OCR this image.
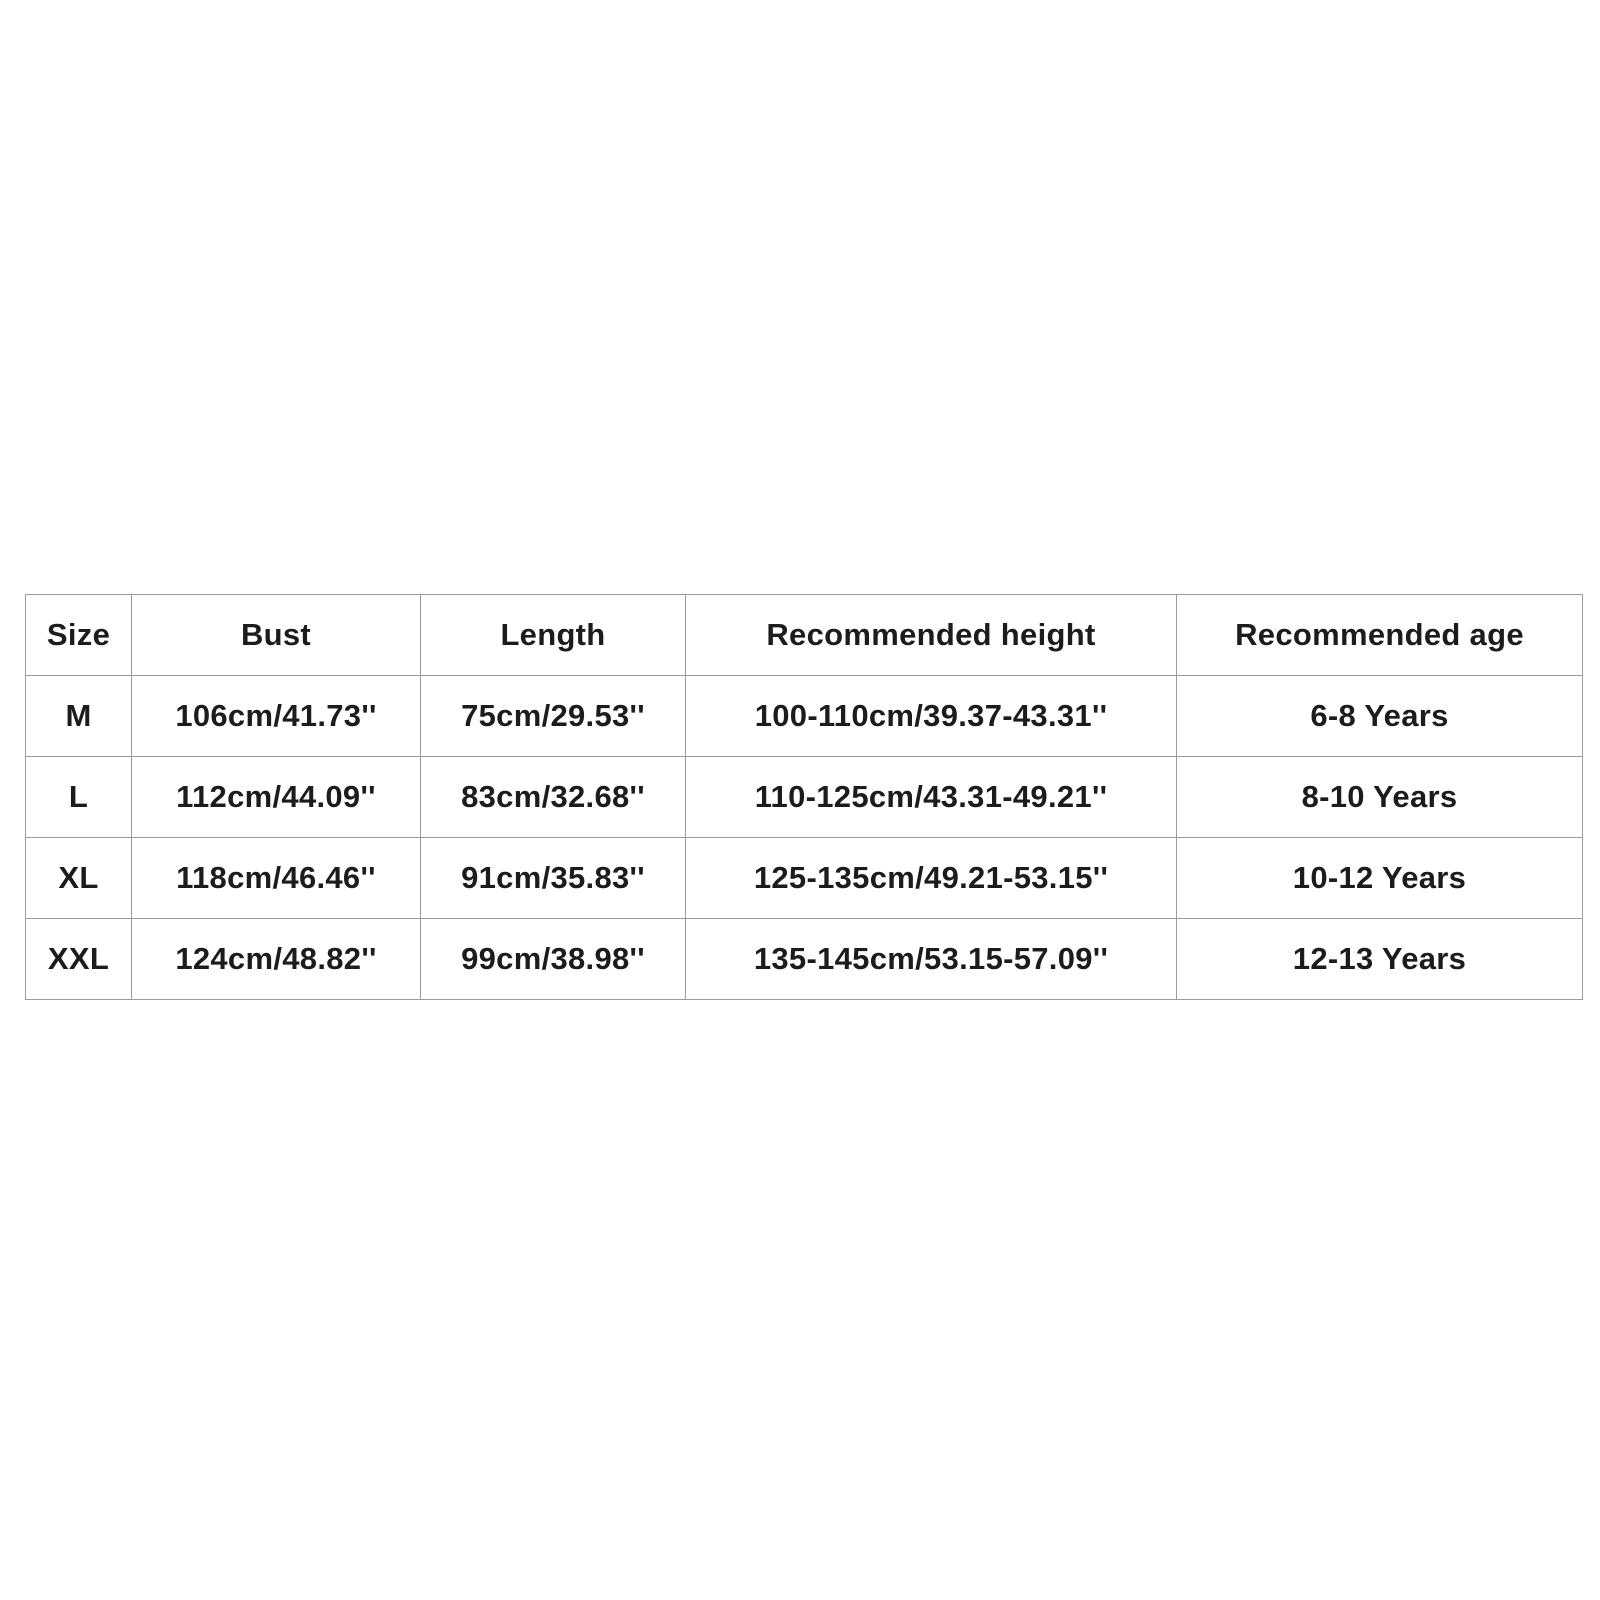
Size	Bust	Length	Recommended height	Recommended age
M	106cm/41.73''	75cm/29.53''	100-110cm/39.37-43.31''	6-8 Years
L	112cm/44.09''	83cm/32.68''	110-125cm/43.31-49.21''	8-10 Years
XL	118cm/46.46''	91cm/35.83''	125-135cm/49.21-53.15''	10-12 Years
XXL	124cm/48.82''	99cm/38.98''	135-145cm/53.15-57.09''	12-13 Years
